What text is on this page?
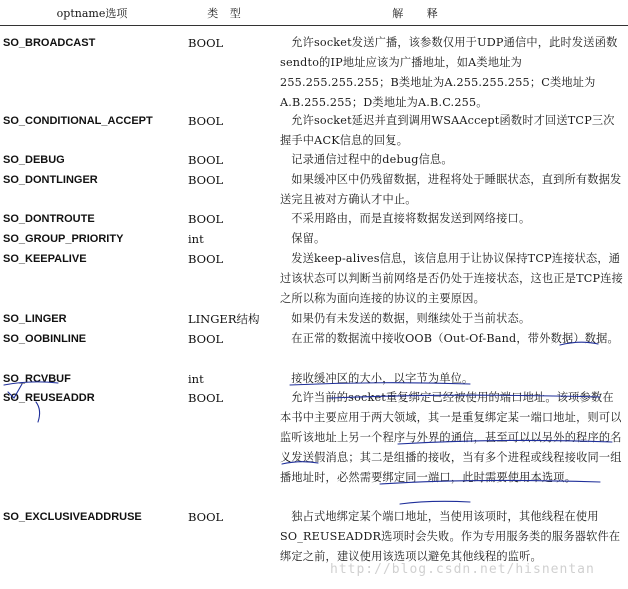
optname选项	类 型	解 释
SO_BROADCAST	BOOL	允许socket发送广播，该参数仅用于UDP通信中，此时发送函数sendto的IP地址应该为广播地址，如A类地址为255.255.255.255；B类地址为A.255.255.255；C类地址为A.B.255.255；D类地址为A.B.C.255。
SO_CONDITIONAL_ACCEPT	BOOL	允许socket延迟并直到调用WSAAccept函数时才回送TCP三次握手中ACK信息的回复。
SO_DEBUG	BOOL	记录通信过程中的debug信息。
SO_DONTLINGER	BOOL	如果缓冲区中仍残留数据，进程将处于睡眠状态，直到所有数据发送完且被对方确认才中止。
SO_DONTROUTE	BOOL	不采用路由，而是直接将数据发送到网络接口。
SO_GROUP_PRIORITY	int	保留。
SO_KEEPALIVE	BOOL	发送keep-alives信息，该信息用于让协议保持TCP连接状态，通过该状态可以判断当前网络是否仍处于连接状态，这也正是TCP连接之所以称为面向连接的协议的主要原因。
SO_LINGER	LINGER结构	如果仍有未发送的数据，则继续处于当前状态。
SO_OOBINLINE	BOOL	在正常的数据流中接收OOB（Out-Of-Band，带外数据）数据。
SO_RCVBUF	int	接收缓冲区的大小，以字节为单位。
SO_REUSEADDR	BOOL	允许当前的socket重复绑定已经被使用的端口地址。该项参数在本书中主要应用于两大领域，其一是重复绑定某一端口地址，则可以监听该地址上另一个程序与外界的通信，甚至可以以另外的程序的名义发送假消息；其二是组播的接收，当有多个进程或线程接收同一组播地址时，必然需要绑定同一端口，此时需要使用本选项。
SO_EXCLUSIVEADDRUSE	BOOL	独占式地绑定某个端口地址，当使用该项时，其他线程在使用SO_REUSEADDR选项时会失败。作为专用服务类的服务器软件在绑定之前，建议使用该选项以避免其他线程的监听。
http://blog.csdn.net/hisnentan
